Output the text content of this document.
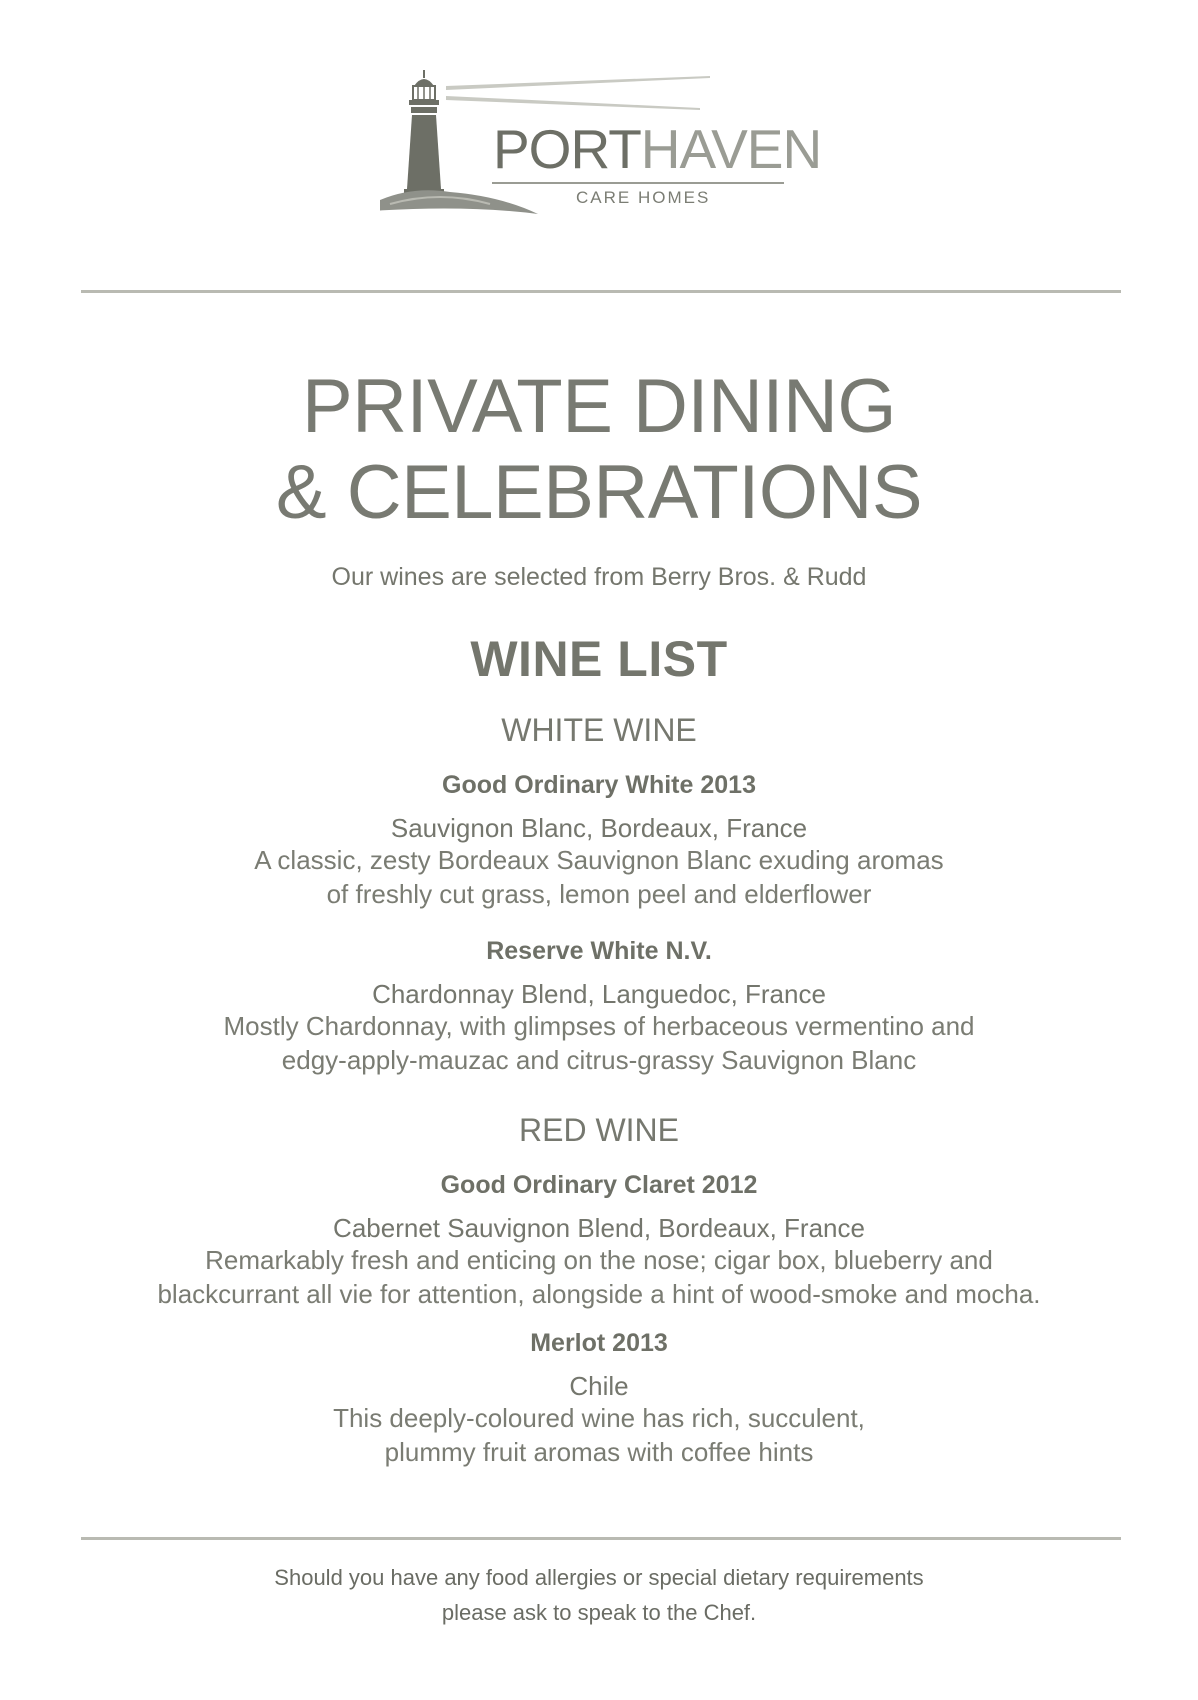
PORTHAVEN
CARE HOMES
PRIVATE DINING
& CELEBRATIONS
Our wines are selected from Berry Bros. & Rudd
WINE LIST
WHITE WINE
Good Ordinary White 2013
Sauvignon Blanc, Bordeaux, France
A classic, zesty Bordeaux Sauvignon Blanc exuding aromas
of freshly cut grass, lemon peel and elderflower
Reserve White N.V.
Chardonnay Blend, Languedoc, France
Mostly Chardonnay, with glimpses of herbaceous vermentino and
edgy-apply-mauzac and citrus-grassy Sauvignon Blanc
RED WINE
Good Ordinary Claret 2012
Cabernet Sauvignon Blend, Bordeaux, France
Remarkably fresh and enticing on the nose; cigar box, blueberry and
blackcurrant all vie for attention, alongside a hint of wood-smoke and mocha.
Merlot 2013
Chile
This deeply-coloured wine has rich, succulent,
plummy fruit aromas with coffee hints
Should you have any food allergies or special dietary requirements
please ask to speak to the Chef.
